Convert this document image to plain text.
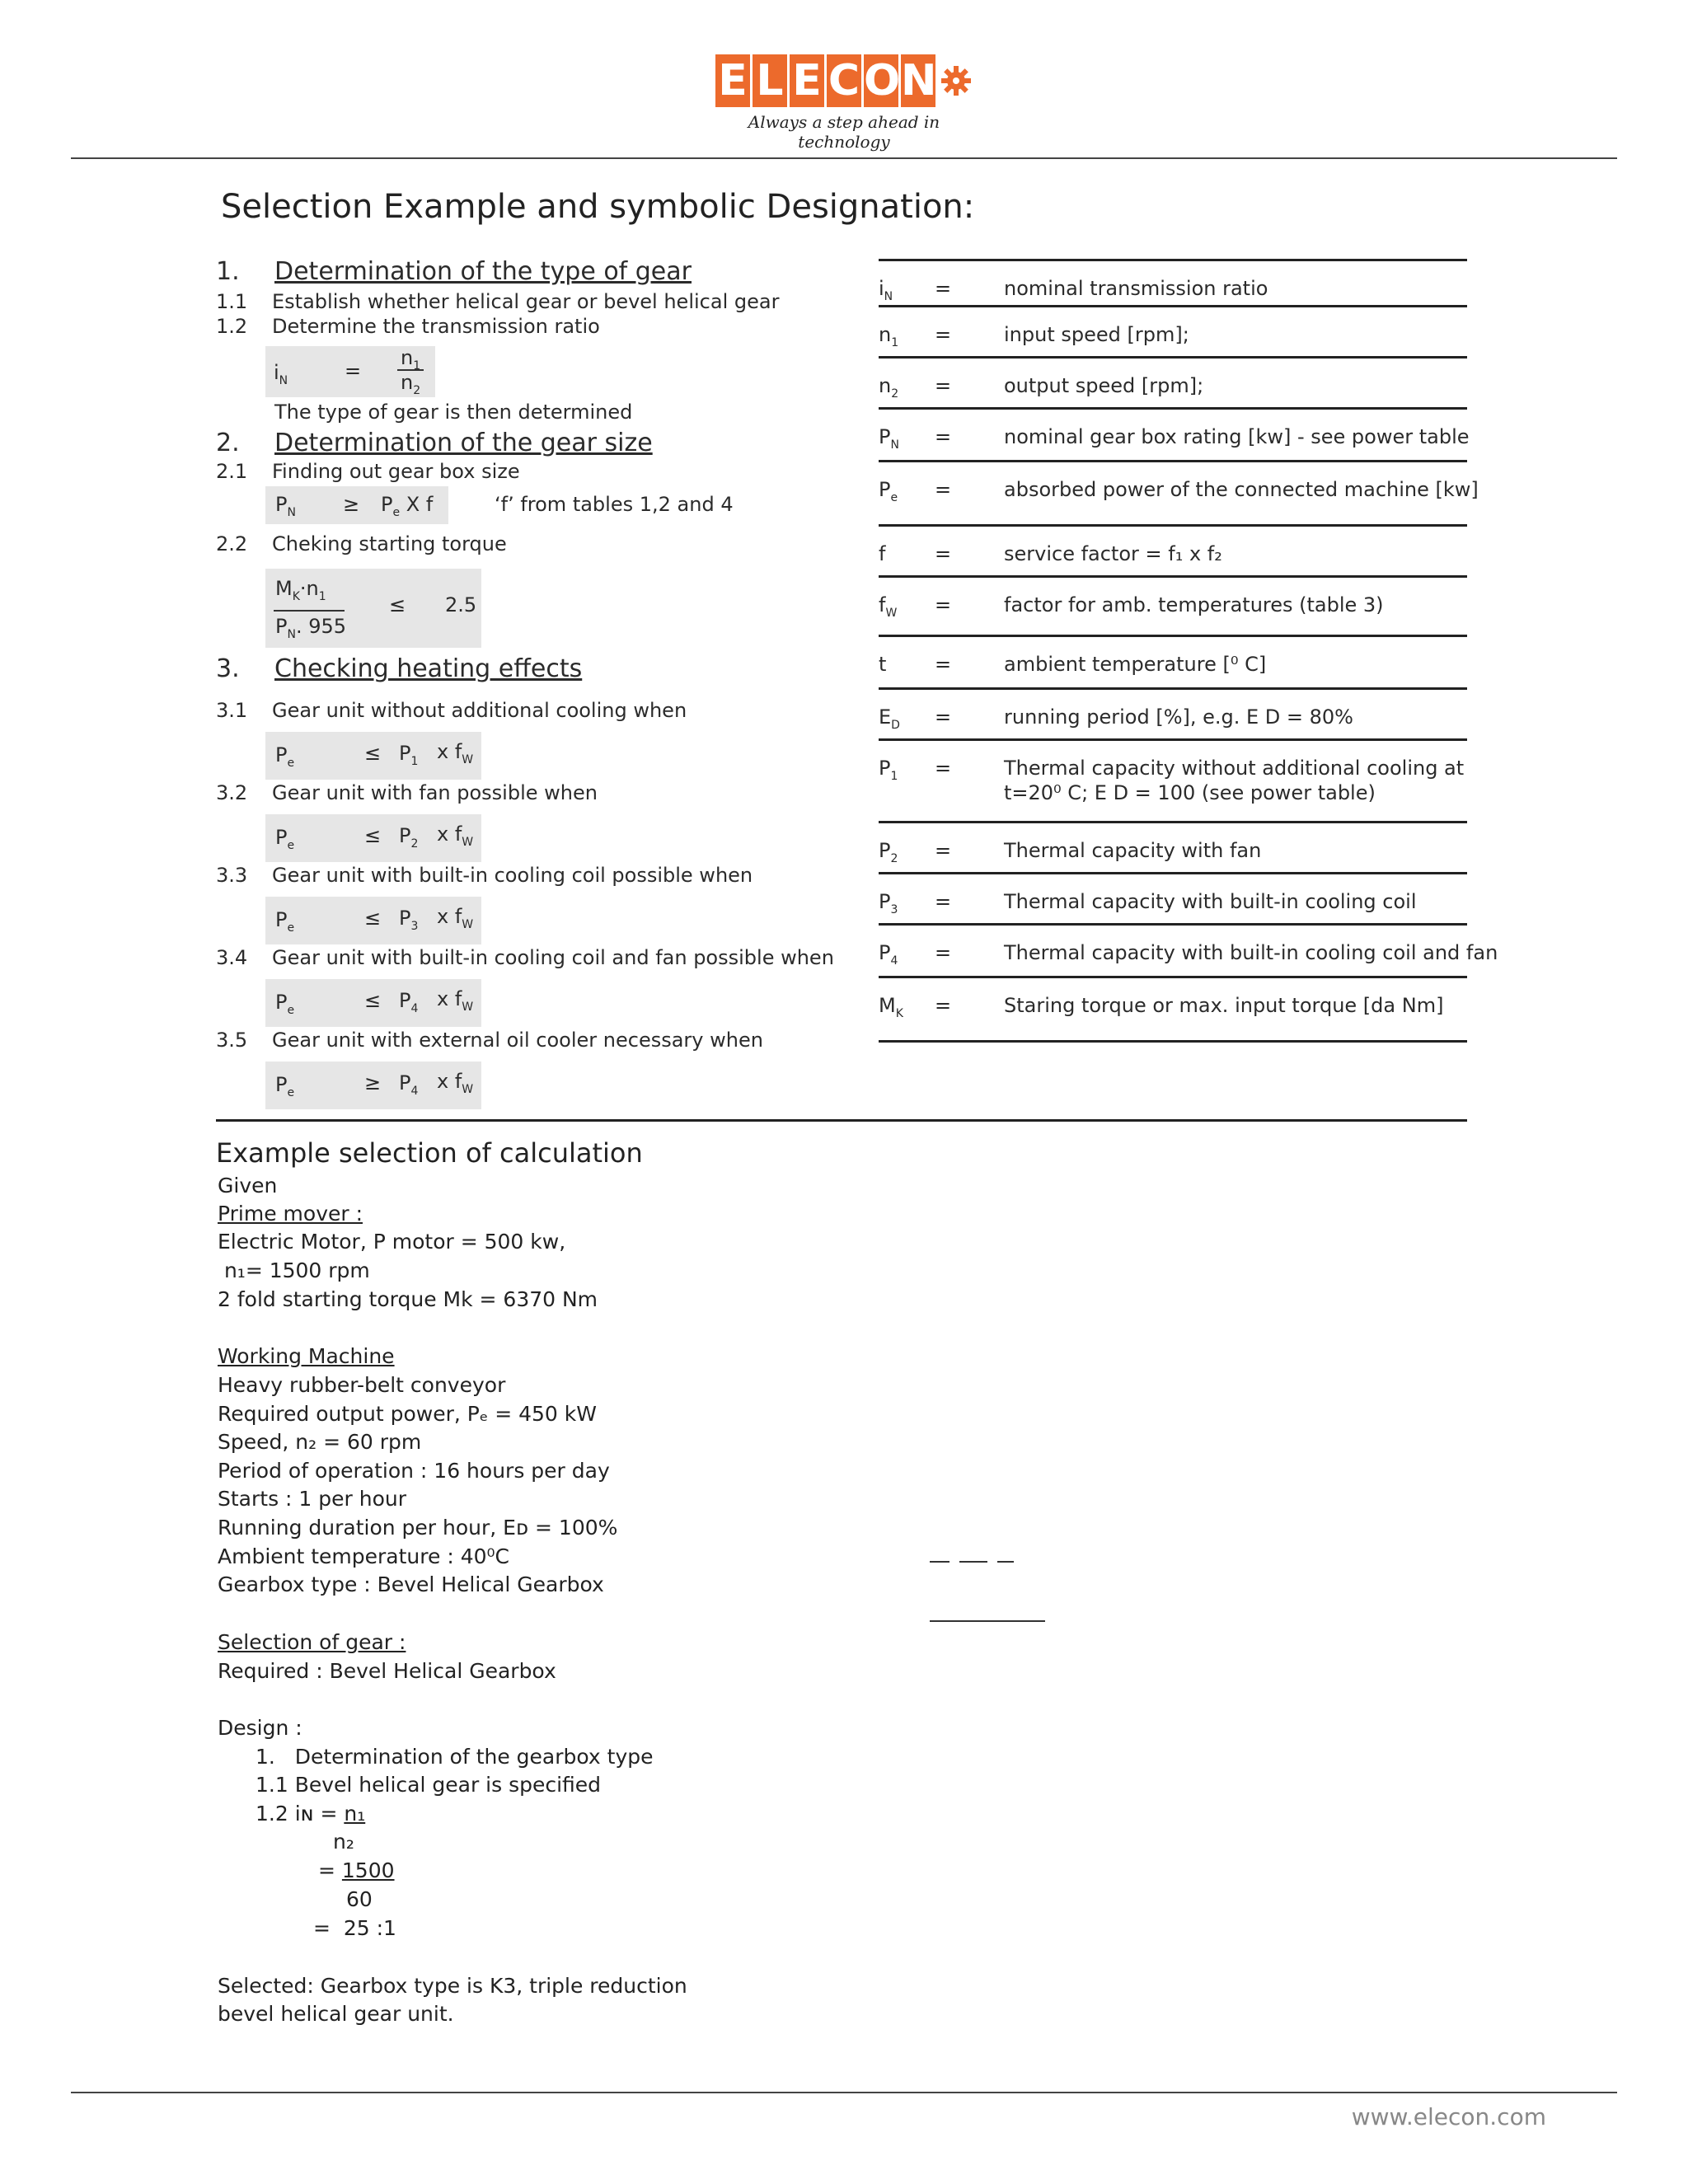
E L E C O N
Always a step ahead in technology
Selection Example and symbolic Designation:
1. Determination of the type of gear
1.1 Establish whether helical gear or bevel helical gear
1.2 Determine the transmission ratio
$i_N$	=
$n_1$
$n_2$
The type of gear is then determined
2. Determination of the gear size
2.1 Finding out gear box size
$P_N \ge P_e$ X f	‘f’ from tables 1,2 and 4
2.2 Cheking starting torque
$M_K\cdot n_1$
$P_N$. 955
≤ 2.5
3. Checking heating effects
3.1 Gear unit without additional cooling when
$P_e$	≤ $P_1$ x $f_W$
3.2 Gear unit with fan possible when
$P_e$	≤ $P_2$ x $f_W$
3.3 Gear unit with built-in cooling coil possible when
$P_e$	≤ $P_3$ x $f_W$
3.4 Gear unit with built-in cooling coil and fan possible when
$P_e$	≤ $P_4$ x $f_W$
3.5 Gear unit with external oil cooler necessary when
$P_e$	≥ $P_4$ x $f_W$
$i_N$ =	nominal transmission ratio
$n_1$ =	input speed [rpm];
$n_2$ =	output speed [rpm];
$P_N$ =	nominal gear box rating [kw] - see power table
$P_e$ =	absorbed power of the connected machine [kw]
f =	service factor = f₁ x f₂
$f_W$ =	factor for amb. temperatures (table 3)
t =	ambient temperature [⁰ C]
$E_D$ =	running period [%], e.g. E D = 80%
$P_1$ =	Thermal capacity without additional cooling at
t=20⁰ C; E D = 100 (see power table)
$P_2$ =	Thermal capacity with fan
$P_3$ =	Thermal capacity with built-in cooling coil
$P_4$ =	Thermal capacity with built-in cooling coil and fan
$M_K$ =	Staring torque or max. input torque [da Nm]
Example selection of calculation
Given
Prime mover :
Electric Motor, P motor = 500 kw,
n₁= 1500 rpm
2 fold starting torque Mk = 6370 Nm
Working Machine
Heavy rubber-belt conveyor
Required output power, Pₑ = 450 kW
Speed, n₂ = 60 rpm
Period of operation : 16 hours per day
Starts : 1 per hour
Running duration per hour, Eᴅ = 100%
Ambient temperature : 40⁰C
Gearbox type : Bevel Helical Gearbox
Selection of gear :
Required : Bevel Helical Gearbox
Design :
1.   Determination of the gearbox type
1.1 Bevel helical gear is specified
1.2 iɴ = n₁
n₂
= 1500
60
=  25 :1
Selected: Gearbox type is K3, triple reduction
bevel helical gear unit.
www.elecon.com
